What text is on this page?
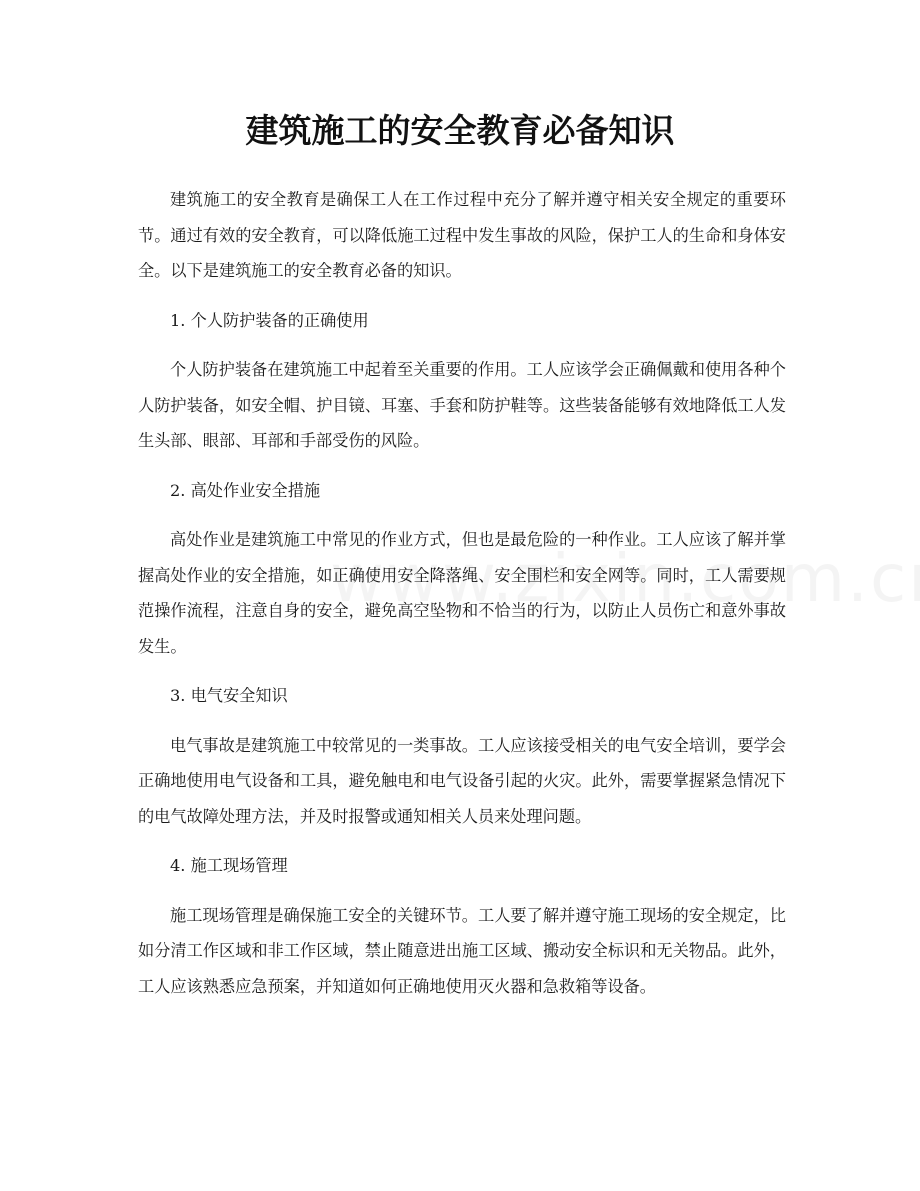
建筑施工的安全教育必备知识

建筑施工的安全教育是确保工人在工作过程中充分了解并遵守相关安全规定的重要环节。通过有效的安全教育，可以降低施工过程中发生事故的风险，保护工人的生命和身体安全。以下是建筑施工的安全教育必备的知识。

1. 个人防护装备的正确使用

个人防护装备在建筑施工中起着至关重要的作用。工人应该学会正确佩戴和使用各种个人防护装备，如安全帽、护目镜、耳塞、手套和防护鞋等。这些装备能够有效地降低工人发生头部、眼部、耳部和手部受伤的风险。

2. 高处作业安全措施

高处作业是建筑施工中常见的作业方式，但也是最危险的一种作业。工人应该了解并掌握高处作业的安全措施，如正确使用安全降落绳、安全围栏和安全网等。同时，工人需要规范操作流程，注意自身的安全，避免高空坠物和不恰当的行为，以防止人员伤亡和意外事故发生。

3. 电气安全知识

电气事故是建筑施工中较常见的一类事故。工人应该接受相关的电气安全培训，要学会正确地使用电气设备和工具，避免触电和电气设备引起的火灾。此外，需要掌握紧急情况下的电气故障处理方法，并及时报警或通知相关人员来处理问题。

4. 施工现场管理

施工现场管理是确保施工安全的关键环节。工人要了解并遵守施工现场的安全规定，比如分清工作区域和非工作区域，禁止随意进出施工区域、搬动安全标识和无关物品。此外，工人应该熟悉应急预案，并知道如何正确地使用灭火器和急救箱等设备。
